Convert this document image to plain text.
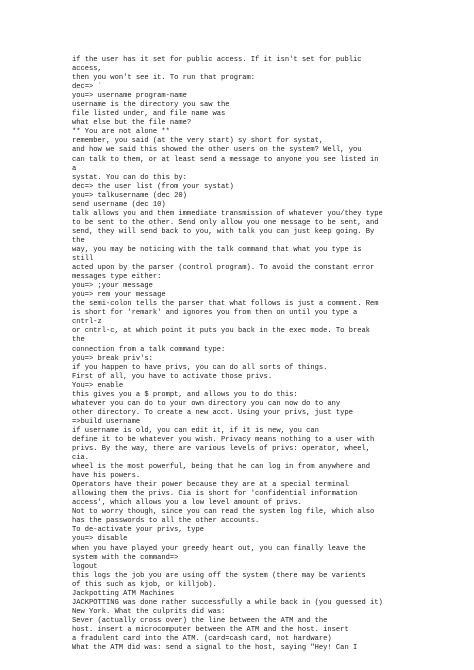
if the user has it set for public access. If it isn't set for public
access,
then you won't see it. To run that program:
dec=> `
you=> username program-name
username is the directory you saw the
file listed under, and file name was
what else but the file name?
** You are not alone **
remember, you said (at the very start) sy short for systat,
and how we said this showed the other users on the system? Well, you
can talk to them, or at least send a message to anyone you see listed in
a
systat. You can do this by:
dec=> the user list (from your systat)
you=> talkusername (dec 20)
send username (dec 10)
talk allows you and them immediate transmission of whatever you/they type
to be sent to the other. Send only allow you one message to be sent, and
send, they will send back to you, with talk you can just keep going. By
the
way, you may be noticing with the talk command that what you type is
still
acted upon by the parser (control program). To avoid the constant error
messages type either:
you=> ;your message
you=> rem your message
the semi-colon tells the parser that what follows is just a comment. Rem
is short for 'remark' and ignores you from then on until you type a
cntrl-z
or cntrl-c, at which point it puts you back in the exec mode. To break
the
connection from a talk command type:
you=> break priv's:
if you happen to have privs, you can do all sorts of things.
First of all, you have to activate those privs.
You=> enable
this gives you a $ prompt, and allows you to do this:
whatever you can do to your own directory you can now do to any
other directory. To create a new acct. Using your privs, just type
=>build username
if username is old, you can edit it, if it is new, you can
define it to be whatever you wish. Privacy means nothing to a user with
privs. By the way, there are various levels of privs: operator, wheel,
cia.
wheel is the most powerful, being that he can log in from anywhere and
have his powers.
Operators have their power because they are at a special terminal
allowing them the privs. Cia is short for 'confidential information
access', which allows you a low level amount of privs.
Not to worry though, since you can read the system log file, which also
has the passwords to all the other accounts.
To de-activate your privs, type
you=> disable
when you have played your greedy heart out, you can finally leave the
system with the command=>
logout
this logs the job you are using off the system (there may be varients
of this such as kjob, or killjob).
Jackpotting ATM Machines
JACKPOTTING was done rather successfully a while back in (you guessed it)
New York. What the culprits did was:
Sever (actually cross over) the line between the ATM and the
host. insert a microcomputer between the ATM and the host. insert
a fradulent card into the ATM. (card=cash card, not hardware)
What the ATM did was: send a signal to the host, saying "Hey! Can I
